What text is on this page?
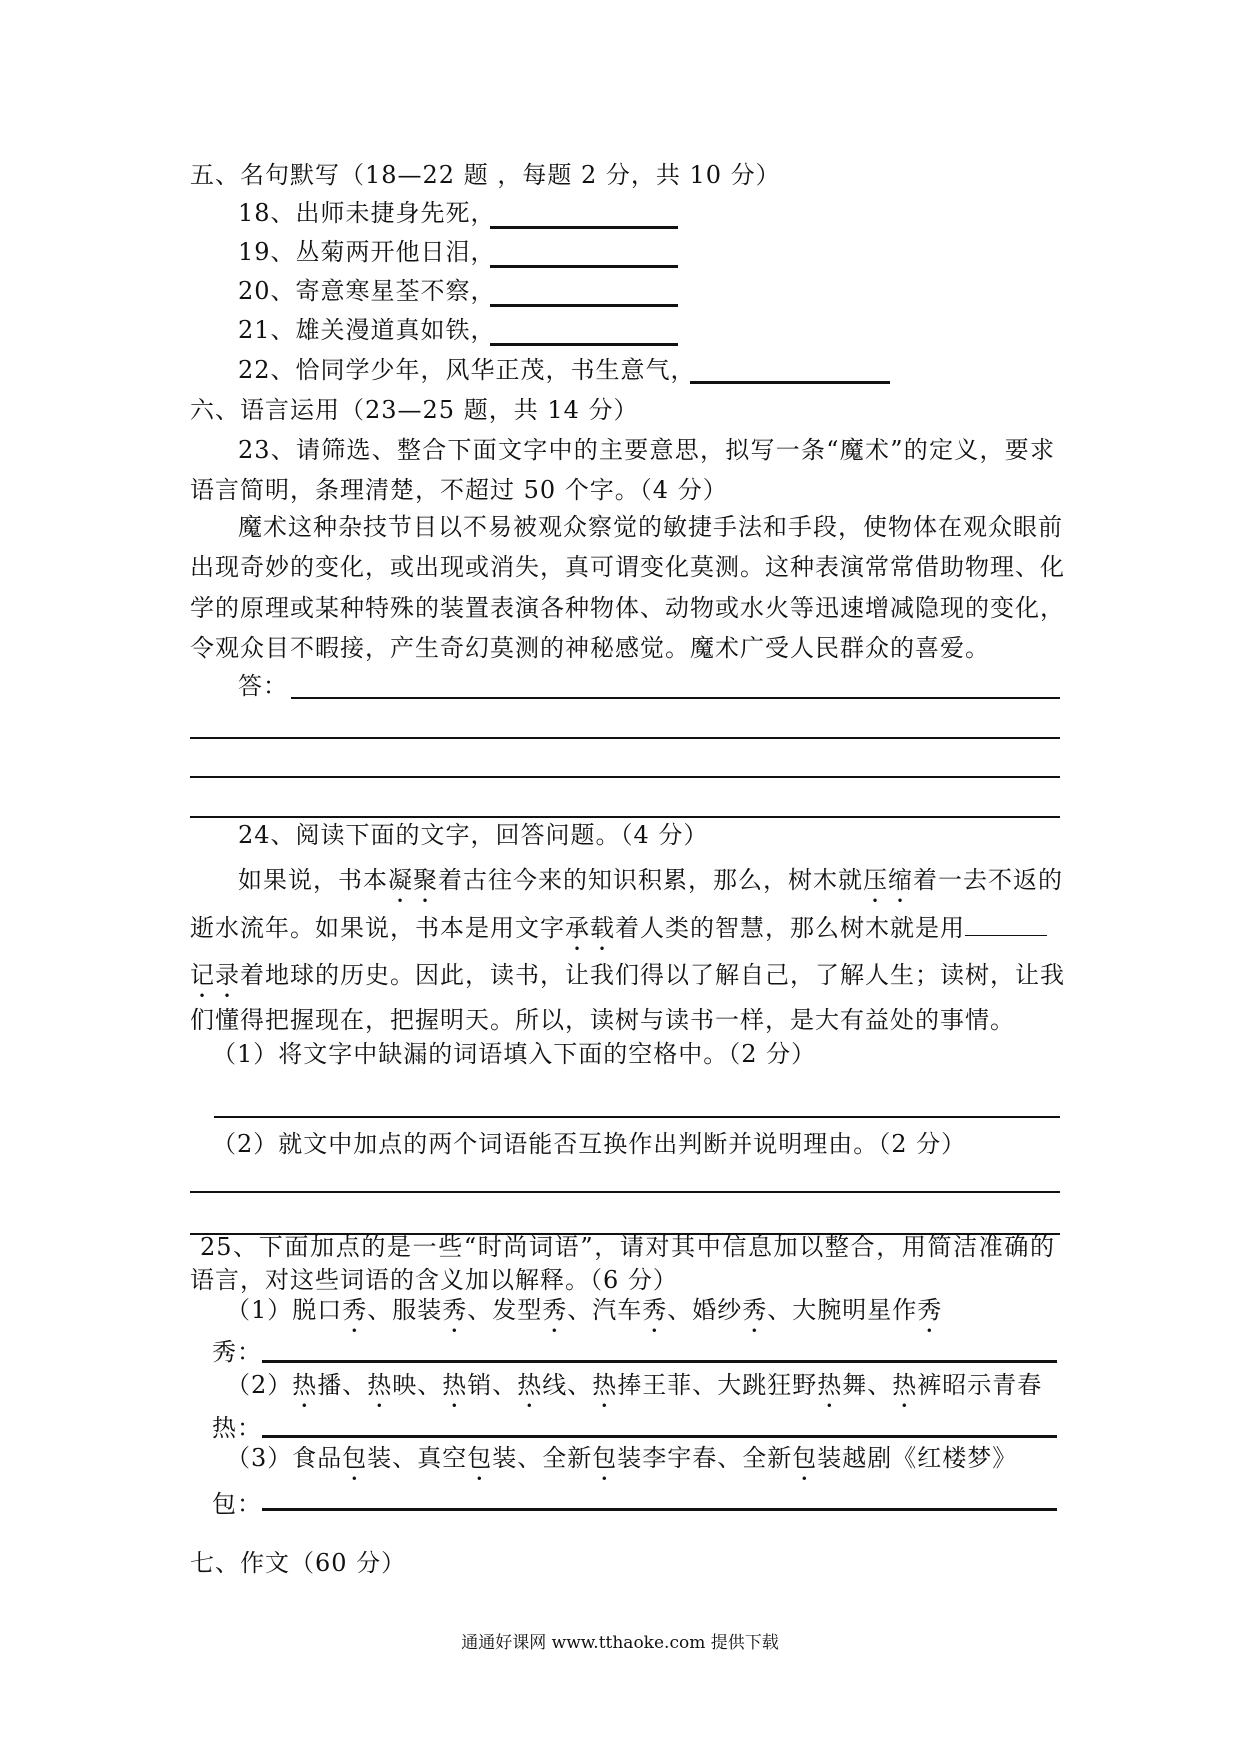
五、名句默写（18—22 题 ，每题 2 分，共 10 分）
18、出师未捷身先死，
19、丛菊两开他日泪，
20、寄意寒星荃不察，
21、雄关漫道真如铁，
22、恰同学少年，风华正茂，书生意气，
六、语言运用（23—25 题，共 14 分）
23、请筛选、整合下面文字中的主要意思，拟写一条“魔术”的定义，要求
语言简明，条理清楚，不超过 50 个字。（4 分）
魔术这种杂技节目以不易被观众察觉的敏捷手法和手段，使物体在观众眼前
出现奇妙的变化，或出现或消失，真可谓变化莫测。这种表演常常借助物理、化
学的原理或某种特殊的装置表演各种物体、动物或水火等迅速增减隐现的变化，
令观众目不暇接，产生奇幻莫测的神秘感觉。魔术广受人民群众的喜爱。
答：
24、阅读下面的文字，回答问题。（4 分）
如果说，书本凝聚着古往今来的知识积累，那么，树木就压缩着一去不返的
逝水流年。如果说，书本是用文字承载着人类的智慧，那么树木就是用
记录着地球的历史。因此，读书，让我们得以了解自己，了解人生；读树，让我
们懂得把握现在，把握明天。所以，读树与读书一样，是大有益处的事情。
（1）将文字中缺漏的词语填入下面的空格中。（2 分）
（2）就文中加点的两个词语能否互换作出判断并说明理由。（2 分）
25、下面加点的是一些“时尚词语”，请对其中信息加以整合，用简洁准确的
语言，对这些词语的含义加以解释。（6 分）
（1）脱口秀、服装秀、发型秀、汽车秀、婚纱秀、大腕明星作秀
秀：
（2）热播、热映、热销、热线、热捧王菲、大跳狂野热舞、热裤昭示青春
热：
（3）食品包装、真空包装、全新包装李宇春、全新包装越剧《红楼梦》
包：
七、作文（60 分）
通通好课网 www.tthaoke.com 提供下载
